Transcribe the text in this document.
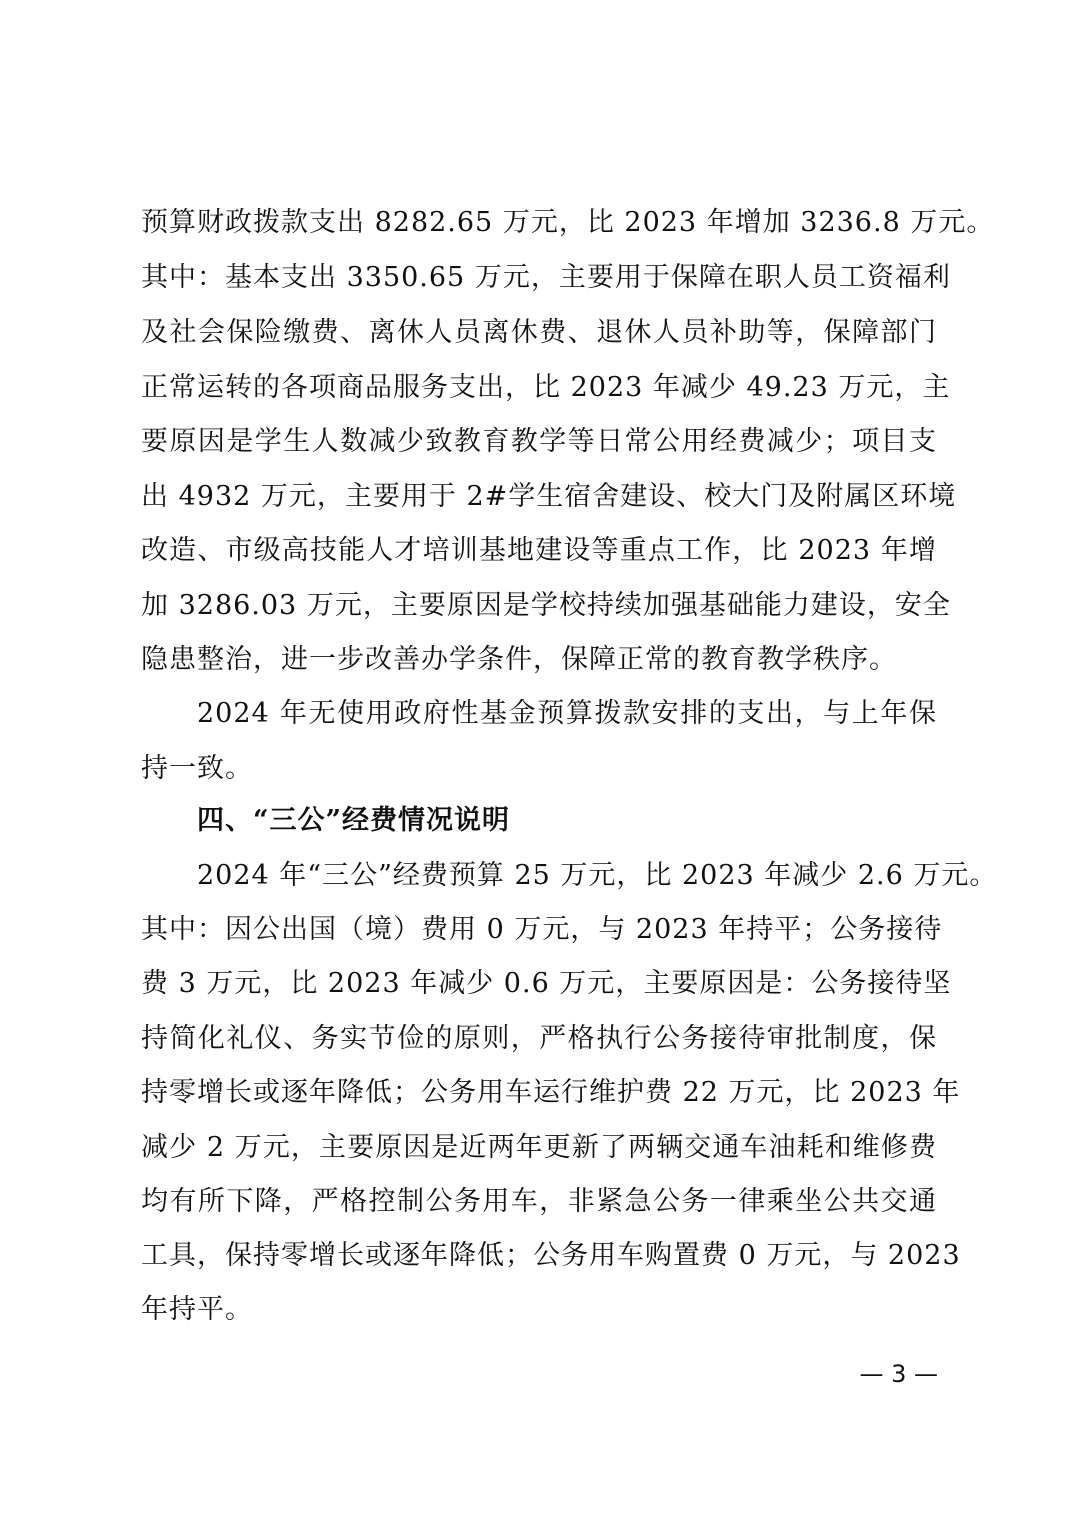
预算财政拨款支出 8282.65 万元，比 2023 年增加 3236.8 万元。
其中：基本支出 3350.65 万元，主要用于保障在职人员工资福利
及社会保险缴费、离休人员离休费、退休人员补助等，保障部门
正常运转的各项商品服务支出，比 2023 年减少 49.23 万元，主
要原因是学生人数减少致教育教学等日常公用经费减少；项目支
出 4932 万元，主要用于 2#学生宿舍建设、校大门及附属区环境
改造、市级高技能人才培训基地建设等重点工作，比 2023 年增
加 3286.03 万元，主要原因是学校持续加强基础能力建设，安全
隐患整治，进一步改善办学条件，保障正常的教育教学秩序。
2024 年无使用政府性基金预算拨款安排的支出，与上年保
持一致。
四、“三公”经费情况说明
2024 年“三公”经费预算 25 万元，比 2023 年减少 2.6 万元。
其中：因公出国（境）费用 0 万元，与 2023 年持平；公务接待
费 3 万元，比 2023 年减少 0.6 万元，主要原因是：公务接待坚
持简化礼仪、务实节俭的原则，严格执行公务接待审批制度，保
持零增长或逐年降低；公务用车运行维护费 22 万元，比 2023 年
减少 2 万元，主要原因是近两年更新了两辆交通车油耗和维修费
均有所下降，严格控制公务用车，非紧急公务一律乘坐公共交通
工具，保持零增长或逐年降低；公务用车购置费 0 万元，与 2023
年持平。
— 3 —
